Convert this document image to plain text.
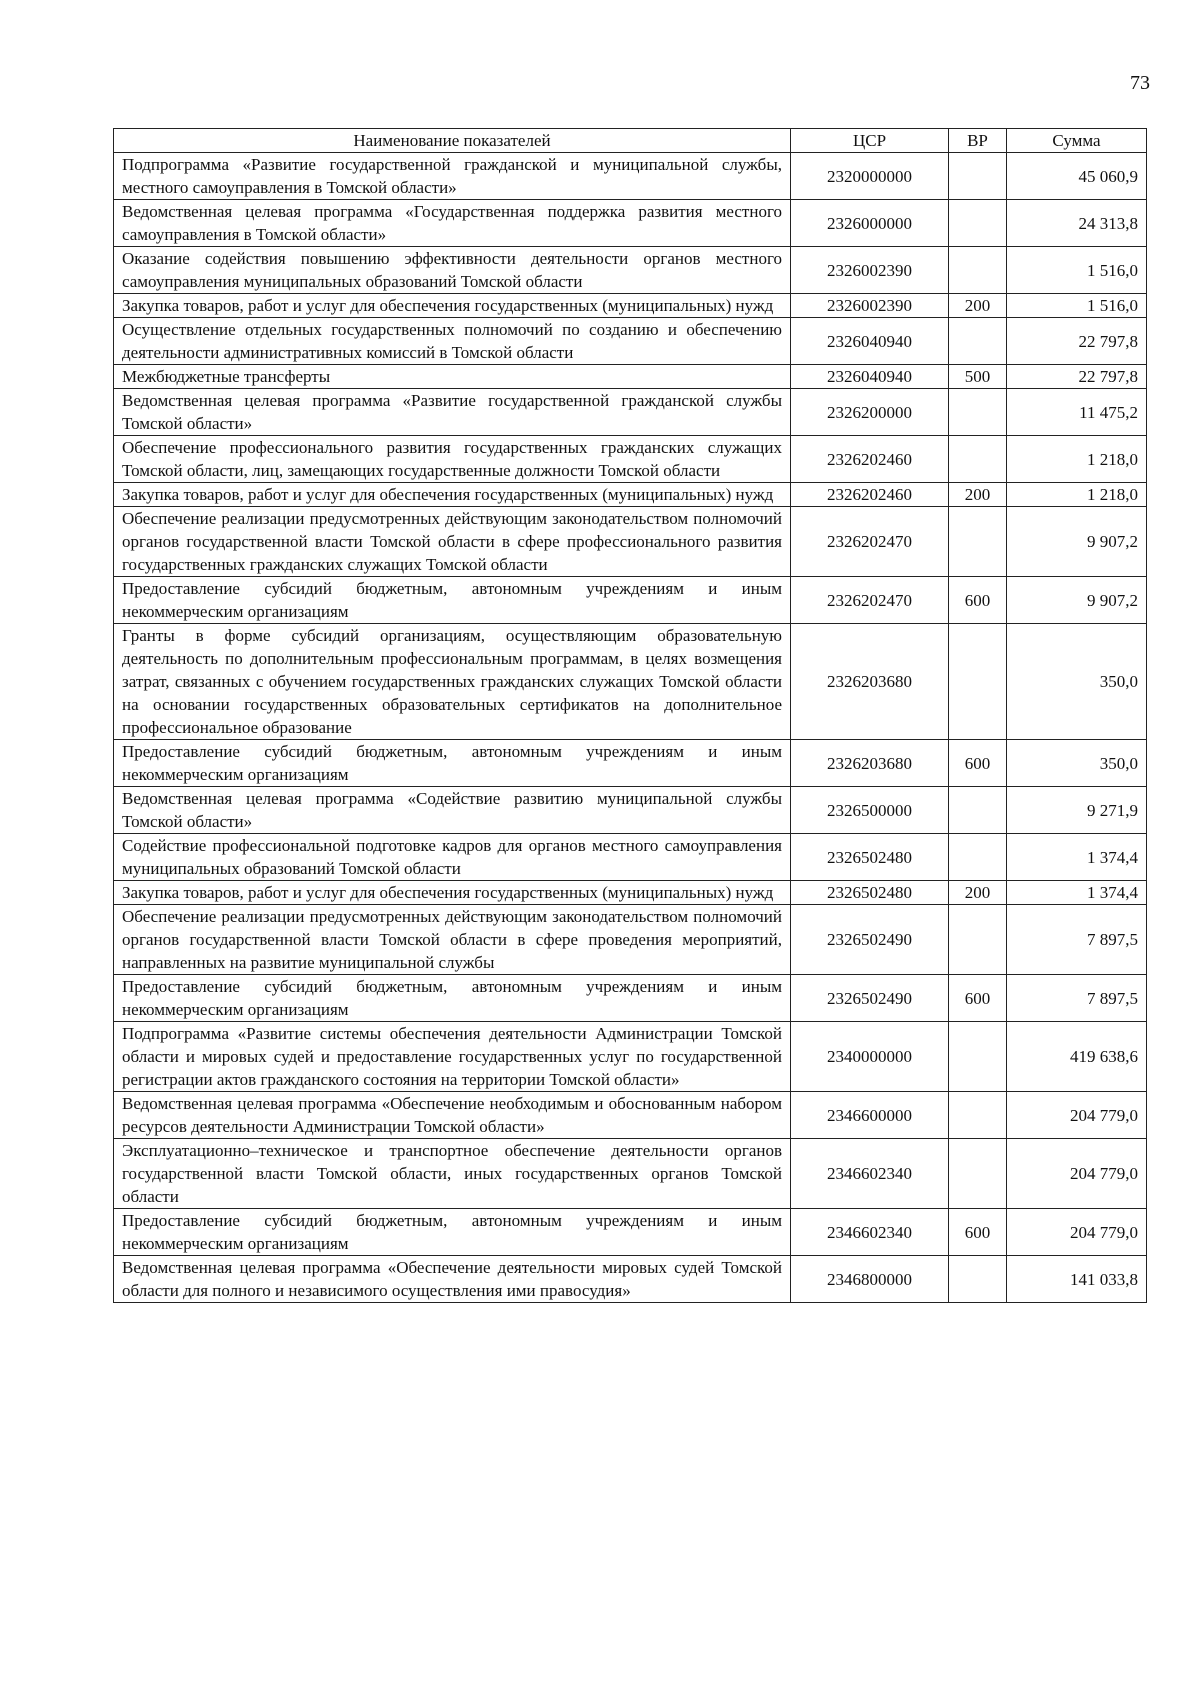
73
Наименование показателей	ЦСР	ВР	Сумма
Подпрограмма «Развитие государственной гражданской и муниципальной службы, местного самоуправления в Томской области»	2320000000		45 060,9
Ведомственная целевая программа «Государственная поддержка развития местного самоуправления в Томской области»	2326000000		24 313,8
Оказание содействия повышению эффективности деятельности органов местного самоуправления муниципальных образований Томской области	2326002390		1 516,0
Закупка товаров, работ и услуг для обеспечения государственных (муниципальных) нужд	2326002390	200	1 516,0
Осуществление отдельных государственных полномочий по созданию и обеспечению деятельности административных комиссий в Томской области	2326040940		22 797,8
Межбюджетные трансферты	2326040940	500	22 797,8
Ведомственная целевая программа «Развитие государственной гражданской службы Томской области»	2326200000		11 475,2
Обеспечение профессионального развития государственных гражданских служащих Томской области, лиц, замещающих государственные должности Томской области	2326202460		1 218,0
Закупка товаров, работ и услуг для обеспечения государственных (муниципальных) нужд	2326202460	200	1 218,0
Обеспечение реализации предусмотренных действующим законодательством полномочий органов государственной власти Томской области в сфере профессионального развития государственных гражданских служащих Томской области	2326202470		9 907,2
Предоставление субсидий бюджетным, автономным учреждениям и иным некоммерческим организациям	2326202470	600	9 907,2
Гранты в форме субсидий организациям, осуществляющим образовательную деятельность по дополнительным профессиональным программам, в целях возмещения затрат, связанных с обучением государственных гражданских служащих Томской области на основании государственных образовательных сертификатов на дополнительное профессиональное образование	2326203680		350,0
Предоставление субсидий бюджетным, автономным учреждениям и иным некоммерческим организациям	2326203680	600	350,0
Ведомственная целевая программа «Содействие развитию муниципальной службы Томской области»	2326500000		9 271,9
Содействие профессиональной подготовке кадров для органов местного самоуправления муниципальных образований Томской области	2326502480		1 374,4
Закупка товаров, работ и услуг для обеспечения государственных (муниципальных) нужд	2326502480	200	1 374,4
Обеспечение реализации предусмотренных действующим законодательством полномочий органов государственной власти Томской области в сфере проведения мероприятий, направленных на развитие муниципальной службы	2326502490		7 897,5
Предоставление субсидий бюджетным, автономным учреждениям и иным некоммерческим организациям	2326502490	600	7 897,5
Подпрограмма «Развитие системы обеспечения деятельности Администрации Томской области и мировых судей и предоставление государственных услуг по государственной регистрации актов гражданского состояния на территории Томской области»	2340000000		419 638,6
Ведомственная целевая программа «Обеспечение необходимым и обоснованным набором ресурсов деятельности Администрации Томской области»	2346600000		204 779,0
Эксплуатационно–техническое и транспортное обеспечение деятельности органов государственной власти Томской области, иных государственных органов Томской области	2346602340		204 779,0
Предоставление субсидий бюджетным, автономным учреждениям и иным некоммерческим организациям	2346602340	600	204 779,0
Ведомственная целевая программа «Обеспечение деятельности мировых судей Томской области для полного и независимого осуществления ими правосудия»	2346800000		141 033,8
